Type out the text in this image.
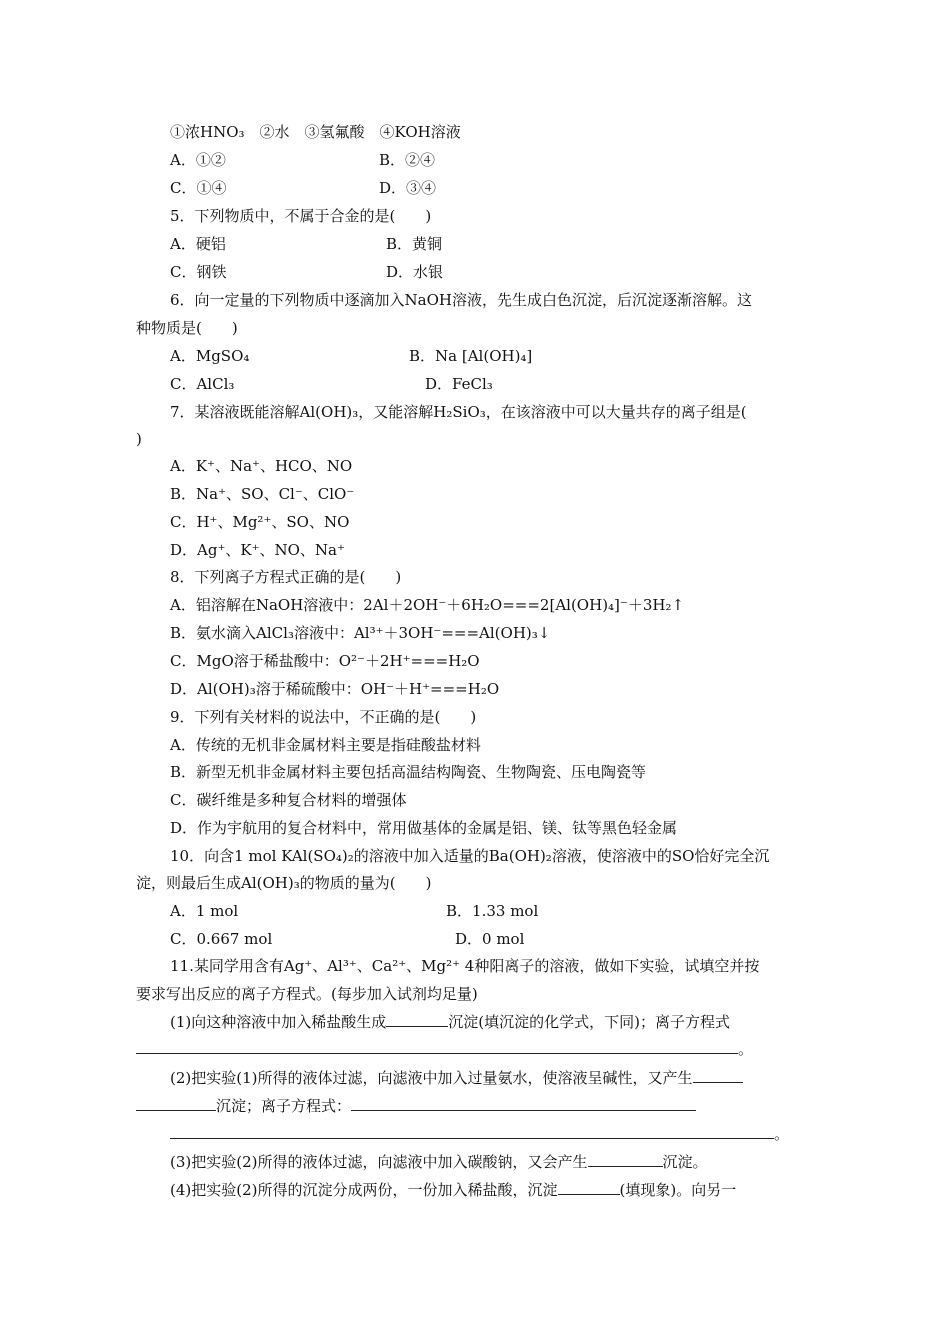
①浓HNO₃　②水　③氢氟酸　④KOH溶液
A．①②	B．②④
C．①④	D．③④
5．下列物质中，不属于合金的是(　　)
A．硬铝	B．黄铜
C．钢铁	D．水银
6．向一定量的下列物质中逐滴加入NaOH溶液，先生成白色沉淀，后沉淀逐渐溶解。这
种物质是(　　)
A．MgSO₄	B．Na [Al(OH)₄]
C．AlCl₃	D．FeCl₃
7．某溶液既能溶解Al(OH)₃，又能溶解H₂SiO₃，在该溶液中可以大量共存的离子组是(
)
A．K⁺、Na⁺、HCO、NO
B．Na⁺、SO、Cl⁻、ClO⁻
C．H⁺、Mg²⁺、SO、NO
D．Ag⁺、K⁺、NO、Na⁺
8．下列离子方程式正确的是(　　)
A．铝溶解在NaOH溶液中：2Al＋2OH⁻＋6H₂O===2[Al(OH)₄]⁻＋3H₂↑
B．氨水滴入AlCl₃溶液中：Al³⁺＋3OH⁻===Al(OH)₃↓
C．MgO溶于稀盐酸中：O²⁻＋2H⁺===H₂O
D．Al(OH)₃溶于稀硫酸中：OH⁻＋H⁺===H₂O
9．下列有关材料的说法中，不正确的是(　　)
A．传统的无机非金属材料主要是指硅酸盐材料
B．新型无机非金属材料主要包括高温结构陶瓷、生物陶瓷、压电陶瓷等
C．碳纤维是多种复合材料的增强体
D．作为宇航用的复合材料中，常用做基体的金属是铝、镁、钛等黑色轻金属
10．向含1 mol KAl(SO₄)₂的溶液中加入适量的Ba(OH)₂溶液，使溶液中的SO恰好完全沉
淀，则最后生成Al(OH)₃的物质的量为(　　)
A．1 mol	B．1.33 mol
C．0.667 mol	D．0 mol
11.某同学用含有Ag⁺、Al³⁺、Ca²⁺、Mg²⁺ 4种阳离子的溶液，做如下实验，试填空并按
要求写出反应的离子方程式。(每步加入试剂均足量)
(1)向这种溶液中加入稀盐酸生成	沉淀(填沉淀的化学式，下同)；离子方程式
。
(2)把实验(1)所得的液体过滤，向滤液中加入过量氨水，使溶液呈碱性，又产生
沉淀；离子方程式：
。
(3)把实验(2)所得的液体过滤，向滤液中加入碳酸钠，又会产生	沉淀。
(4)把实验(2)所得的沉淀分成两份，一份加入稀盐酸，沉淀	(填现象)。向另一
